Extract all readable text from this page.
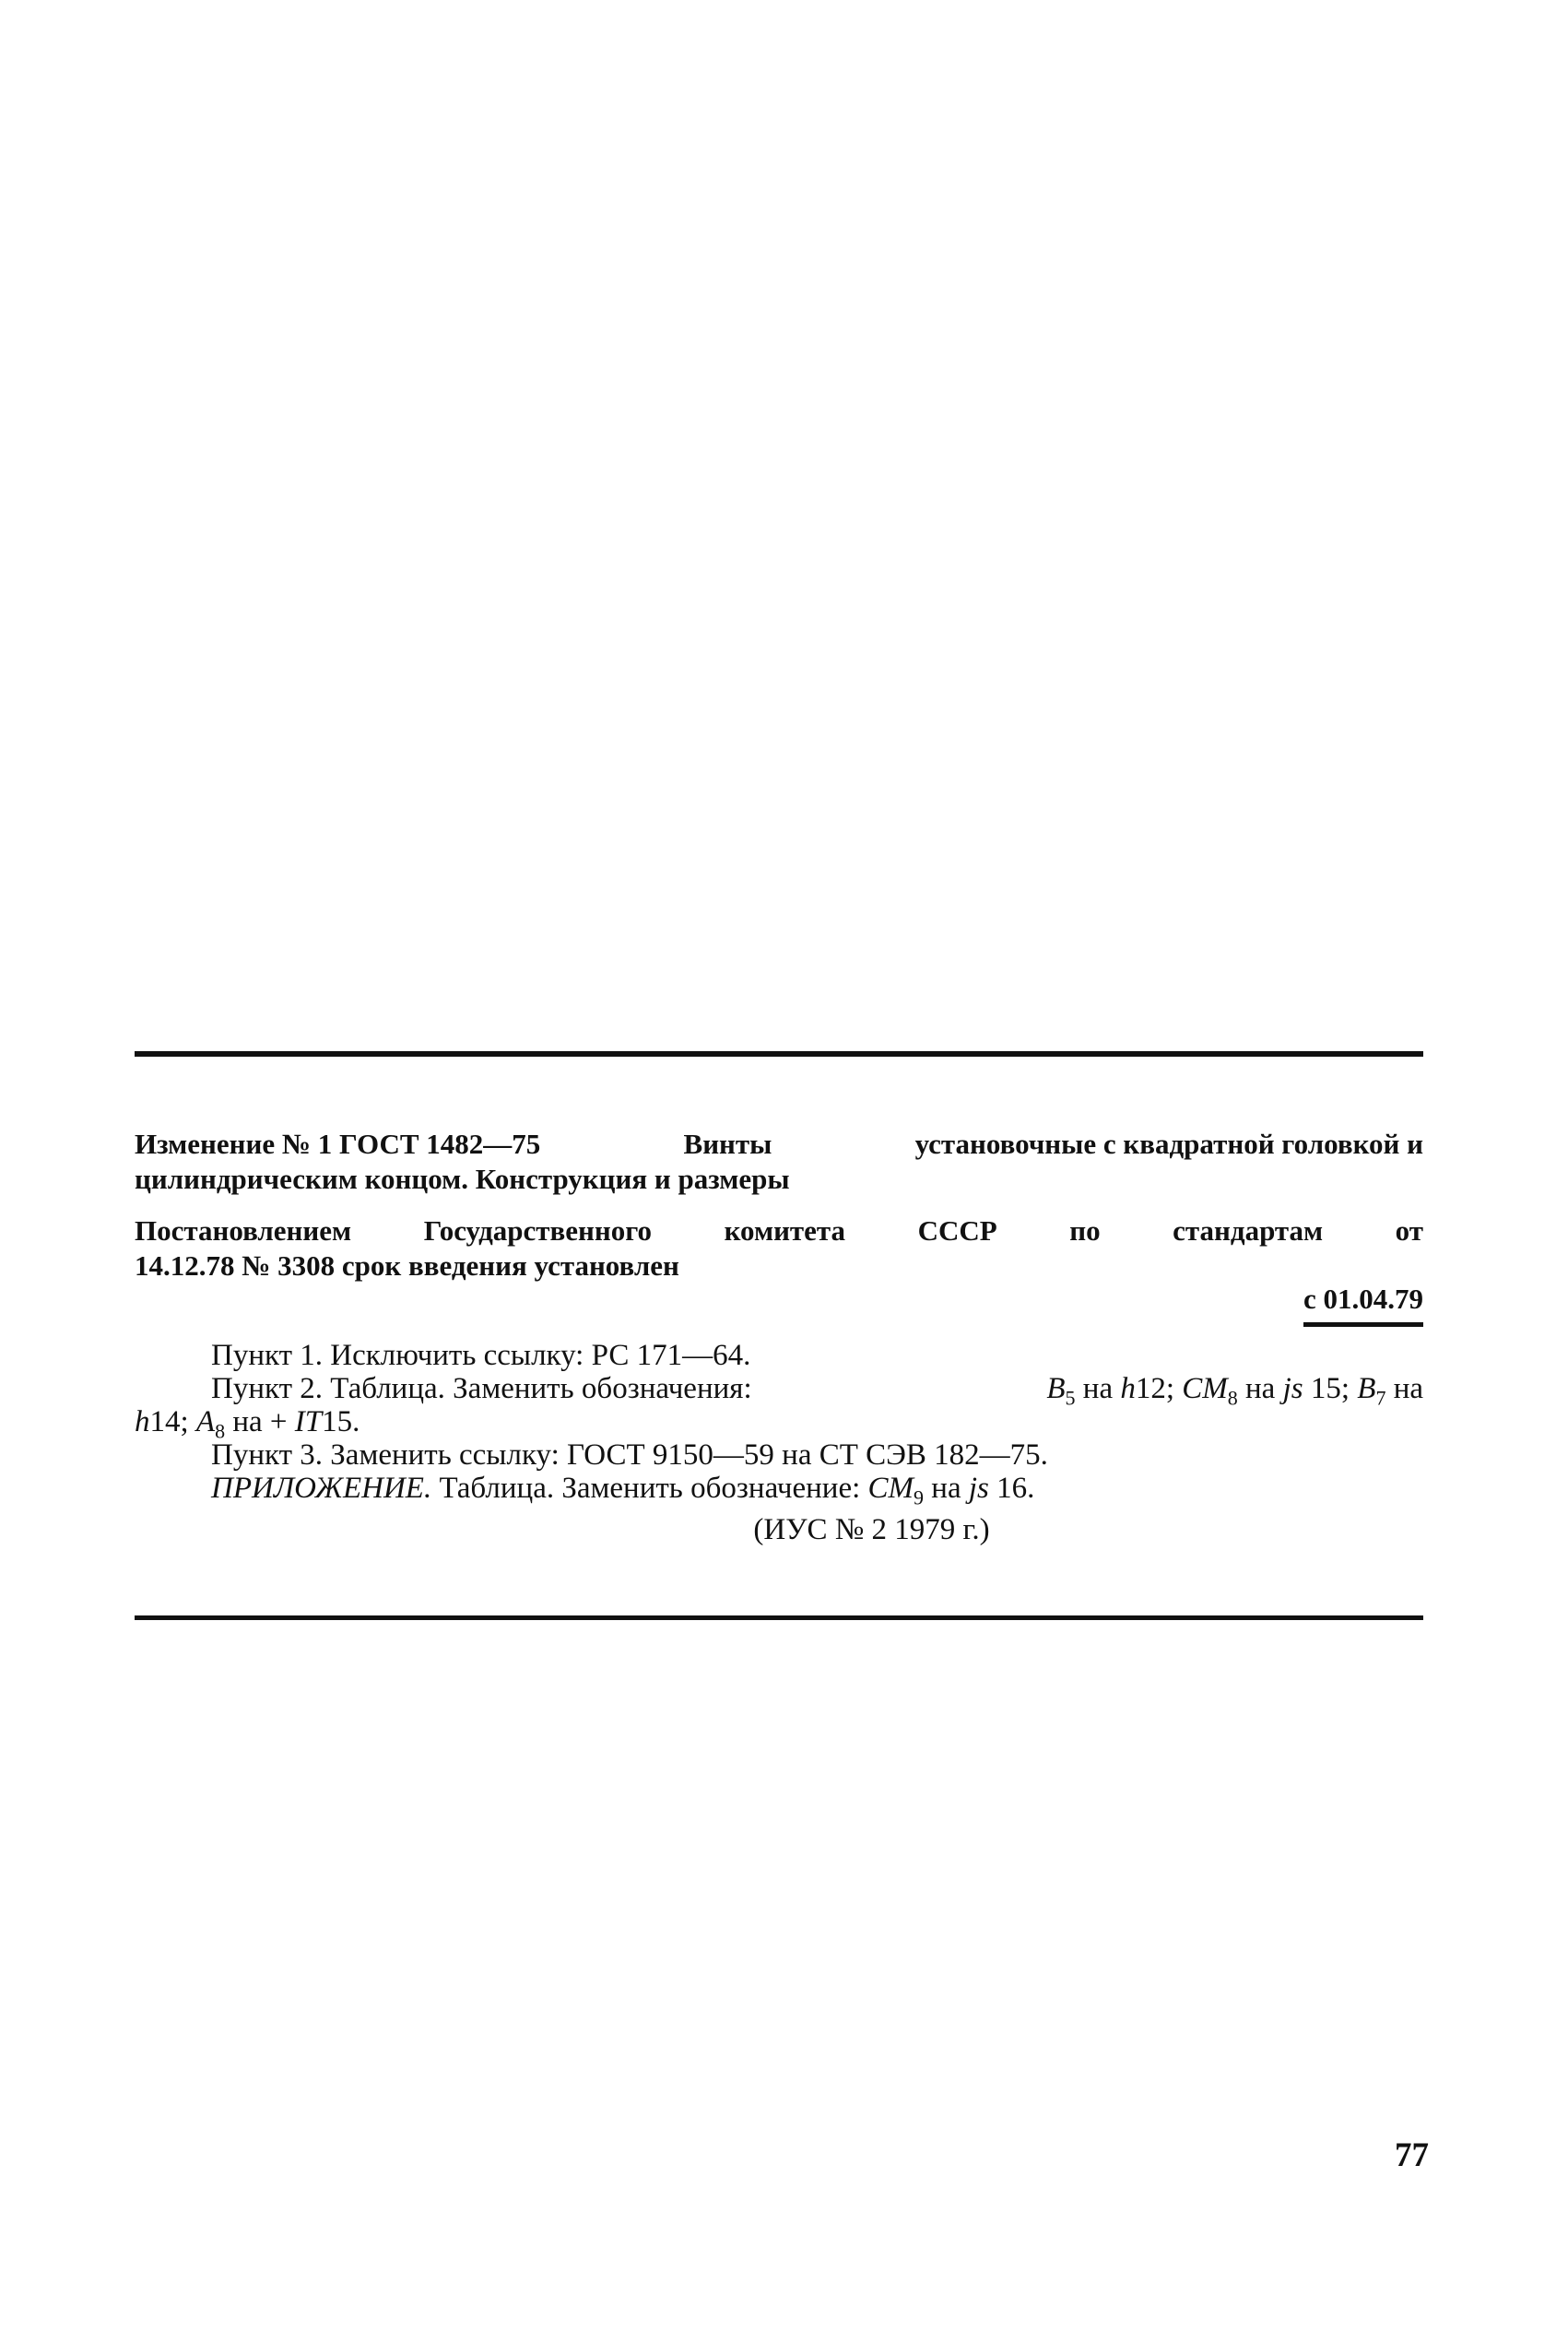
Изменение № 1 ГОСТ 1482—75	Винты	установочные с квадратной головкой и
цилиндрическим концом. Конструкция и размеры
Постановлением	Государственного	комитета	СССР	по	стандартам	от
14.12.78 № 3308 срок введения установлен
с 01.04.79
Пункт 1. Исключить ссылку: РС 171—64.
Пункт 2. Таблица. Заменить обозначения:	$B_5$ на h12; $CM_8$ на js 15; $B_7$ на
h14; $A_8$ на + IT15.
Пункт 3. Заменить ссылку: ГОСТ 9150—59 на СТ СЭВ 182—75.
ПРИЛОЖЕНИЕ. Таблица. Заменить обозначение: $CM_9$ на js 16.
(ИУС № 2 1979 г.)
77
